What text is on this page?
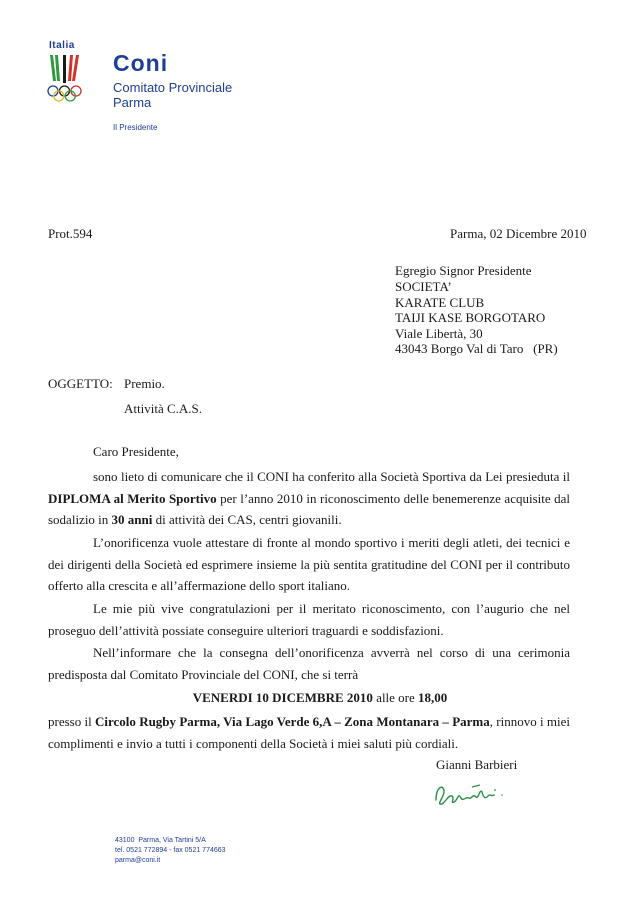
Italia
Coni
Comitato Provinciale
Parma
Il Presidente
Prot.594	Parma, 02 Dicembre 2010
Egregio Signor Presidente
SOCIETA’
KARATE CLUB
TAIJI KASE BORGOTARO
Viale Libertà, 30
43043 Borgo Val di Taro   (PR)
OGGETTO: Premio.
Attività C.A.S.
Caro Presidente,
sono lieto di comunicare che il CONI ha conferito alla Società Sportiva da Lei presieduta il
DIPLOMA al Merito Sportivo per l’anno 2010 in riconoscimento delle benemerenze acquisite dal
sodalizio in 30 anni di attività dei CAS, centri giovanili.
L’onorificenza vuole attestare di fronte al mondo sportivo i meriti degli atleti, dei tecnici e dei dirigenti della Società ed esprimere insieme la più sentita gratitudine del CONI per il contributo offerto alla crescita e all’affermazione dello sport italiano.
Le mie più vive congratulazioni per il meritato riconoscimento, con l’augurio che nel proseguo dell’attività possiate conseguire ulteriori traguardi e soddisfazioni.
Nell’informare che la consegna dell’onorificenza avverrà nel corso di una cerimonia predisposta dal Comitato Provinciale del CONI, che si terrà
VENERDI 10 DICEMBRE 2010 alle ore 18,00
presso il Circolo Rugby Parma, Via Lago Verde 6,A – Zona Montanara – Parma, rinnovo i miei complimenti e invio a tutti i componenti della Società i miei saluti più cordiali.
Gianni Barbieri
43100  Parma, Via Tartini 5/A
tel. 0521 772894 - fax 0521 774663
parma@coni.it
